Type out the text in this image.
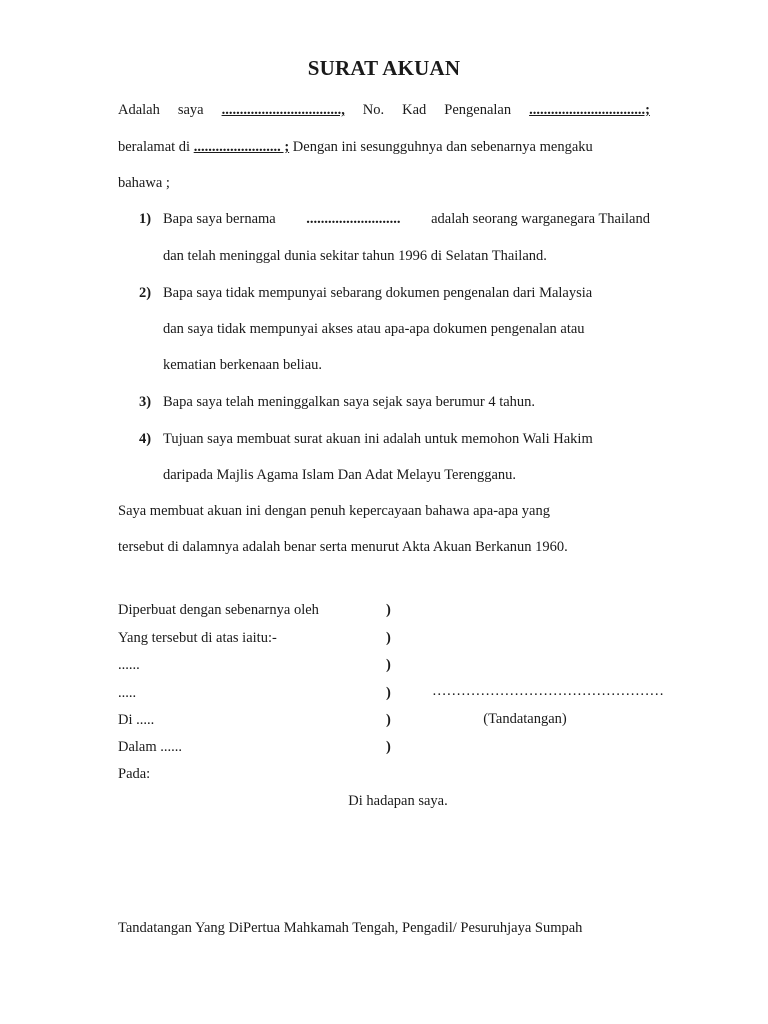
SURAT AKUAN
Adalah saya ................................., No. Kad Pengenalan ................................;
beralamat di ........................ ; Dengan ini sesungguhnya dan sebenarnya mengaku
bahawa ;
1) Bapa saya bernama .......................... adalah seorang warganegara Thailand
dan telah meninggal dunia sekitar tahun 1996 di Selatan Thailand.
2) Bapa saya tidak mempunyai sebarang dokumen pengenalan dari Malaysia
dan saya tidak mempunyai akses atau apa-apa dokumen pengenalan atau
kematian berkenaan beliau.
3) Bapa saya telah meninggalkan saya sejak saya berumur 4 tahun.
4) Tujuan saya membuat surat akuan ini adalah untuk memohon Wali Hakim
daripada Majlis Agama Islam Dan Adat Melayu Terengganu.
Saya membuat akuan ini dengan penuh kepercayaan bahawa apa-apa yang
tersebut di dalamnya adalah benar serta menurut Akta Akuan Berkanun 1960.
Diperbuat dengan sebenarnya oleh	)
Yang tersebut di atas iaitu:-	)
......	)
.....	)	…………………………………………
Di .....	)	(Tandatangan)
Dalam ......	)
Pada:
Di hadapan saya.
Tandatangan Yang DiPertua Mahkamah Tengah, Pengadil/ Pesuruhjaya Sumpah
